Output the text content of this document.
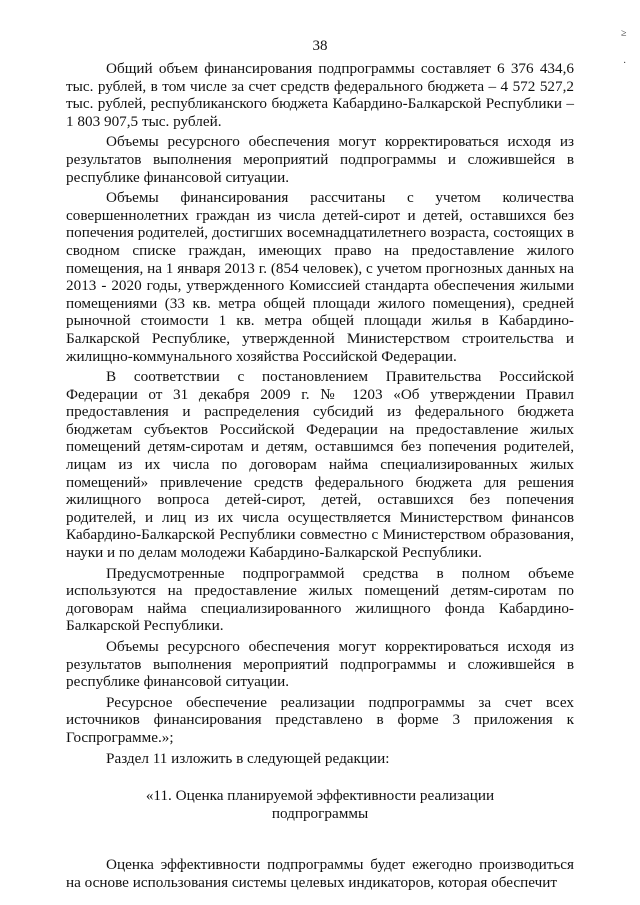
38
≥
·

Общий объем финансирования подпрограммы составляет 6 376 434,6 тыс. рублей, в том числе за счет средств федерального бюджета – 4 572 527,2 тыс. рублей, республиканского бюджета Кабардино-Балкарской Республики – 1 803 907,5 тыс. рублей.

Объемы ресурсного обеспечения могут корректироваться исходя из результатов выполнения мероприятий подпрограммы и сложившейся в республике финансовой ситуации.

Объемы финансирования рассчитаны с учетом количества совершеннолетних граждан из числа детей-сирот и детей, оставшихся без попечения родителей, достигших восемнадцатилетнего возраста, состоящих в сводном списке граждан, имеющих право на предоставление жилого помещения, на 1 января 2013 г. (854 человек), с учетом прогнозных данных на 2013 - 2020 годы, утвержденного Комиссией стандарта обеспечения жилыми помещениями (33 кв. метра общей площади жилого помещения), средней рыночной стоимости 1 кв. метра общей площади жилья в Кабардино-Балкарской Республике, утвержденной Министерством строительства и жилищно-коммунального хозяйства Российской Федерации.

В соответствии с постановлением Правительства Российской Федерации от 31 декабря 2009 г. № 1203 «Об утверждении Правил предоставления и распределения субсидий из федерального бюджета бюджетам субъектов Российской Федерации на предоставление жилых помещений детям-сиротам и детям, оставшимся без попечения родителей, лицам из их числа по договорам найма специализированных жилых помещений» привлечение средств федерального бюджета для решения жилищного вопроса детей-сирот, детей, оставшихся без попечения родителей, и лиц из их числа осуществляется Министерством финансов Кабардино-Балкарской Республики совместно с Министерством образования, науки и по делам молодежи Кабардино-Балкарской Республики.

Предусмотренные подпрограммой средства в полном объеме используются на предоставление жилых помещений детям-сиротам по договорам найма специализированного жилищного фонда Кабардино-Балкарской Республики.

Объемы ресурсного обеспечения могут корректироваться исходя из результатов выполнения мероприятий подпрограммы и сложившейся в республике финансовой ситуации.

Ресурсное обеспечение реализации подпрограммы за счет всех источников финансирования представлено в форме 3 приложения к Госпрограмме.»;

Раздел 11 изложить в следующей редакции:

«11. Оценка планируемой эффективности реализации
подпрограммы

Оценка эффективности подпрограммы будет ежегодно производиться на основе использования системы целевых индикаторов, которая обеспечит
